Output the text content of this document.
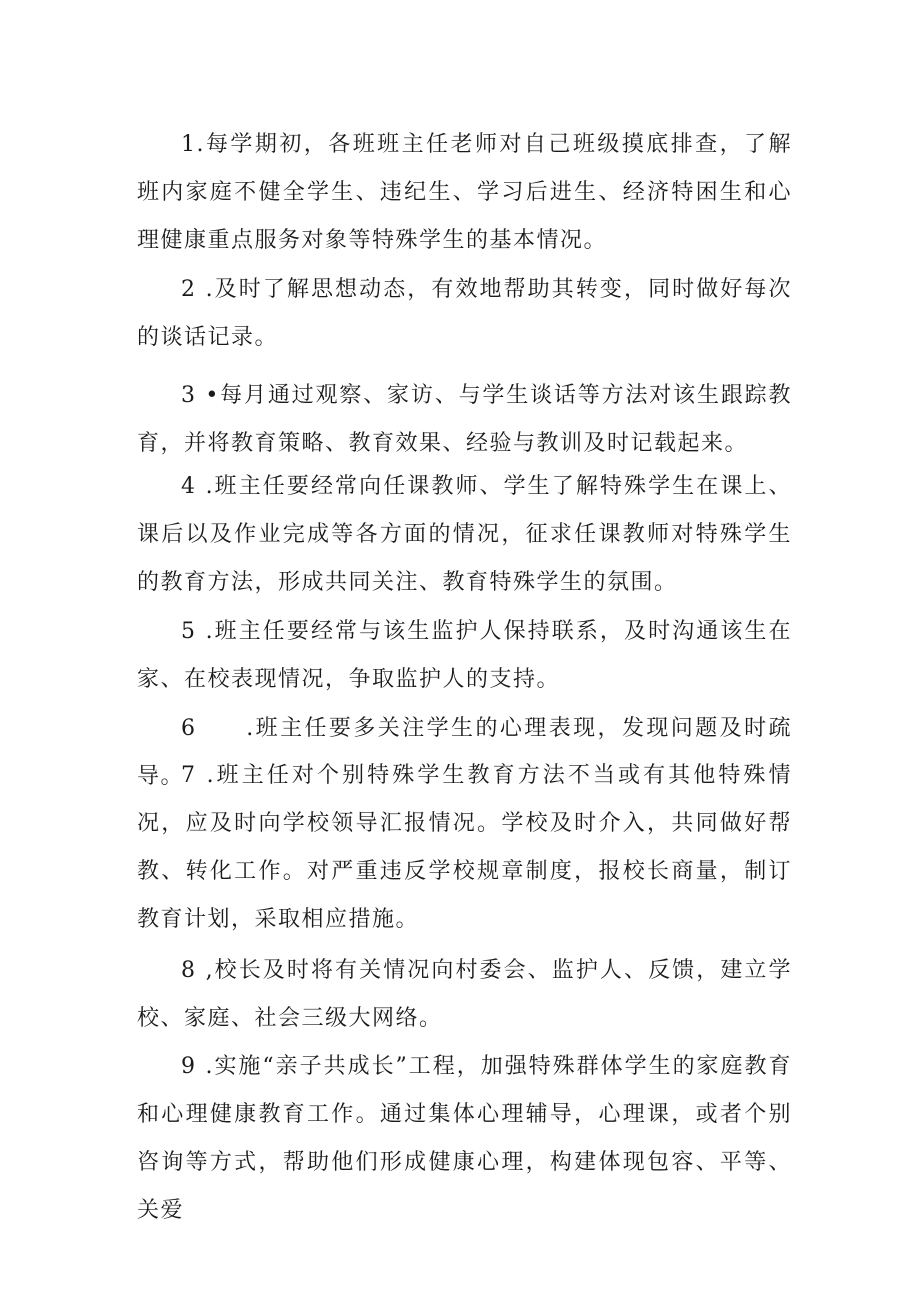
1.每学期初，各班班主任老师对自己班级摸底排查，了解班内家庭不健全学生、违纪生、学习后进生、经济特困生和心理健康重点服务对象等特殊学生的基本情况。

2 .及时了解思想动态，有效地帮助其转变，同时做好每次的谈话记录。

3 •每月通过观察、家访、与学生谈话等方法对该生跟踪教育，并将教育策略、教育效果、经验与教训及时记载起来。

4 .班主任要经常向任课教师、学生了解特殊学生在课上、课后以及作业完成等各方面的情况，征求任课教师对特殊学生的教育方法，形成共同关注、教育特殊学生的氛围。

5 .班主任要经常与该生监护人保持联系，及时沟通该生在家、在校表现情况，争取监护人的支持。

6　　.班主任要多关注学生的心理表现，发现问题及时疏导。

7 .班主任对个别特殊学生教育方法不当或有其他特殊情况，应及时向学校领导汇报情况。学校及时介入，共同做好帮教、转化工作。对严重违反学校规章制度，报校长商量，制订教育计划，采取相应措施。

8 ,校长及时将有关情况向村委会、监护人、反馈，建立学校、家庭、社会三级大网络。

9 .实施“亲子共成长”工程，加强特殊群体学生的家庭教育和心理健康教育工作。通过集体心理辅导，心理课，或者个别咨询等方式，帮助他们形成健康心理，构建体现包容、平等、关爱
